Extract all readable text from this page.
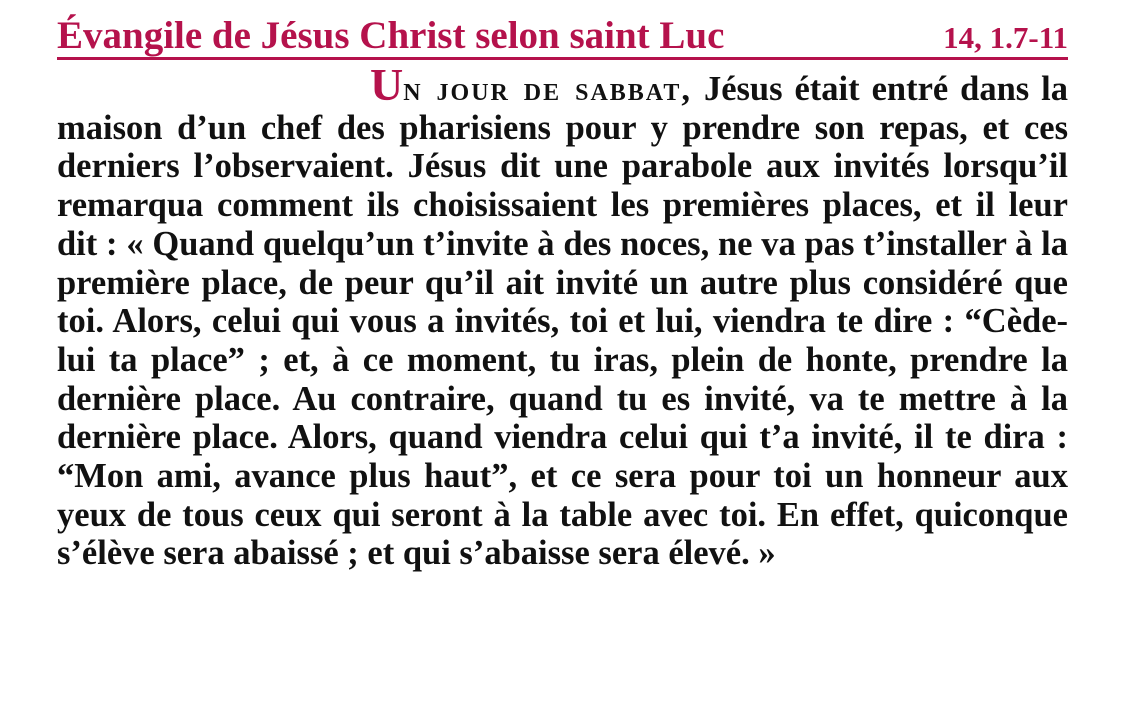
Évangile de Jésus Christ selon saint Luc	14, 1.7-11
Un jour de sabbat, Jésus était entré dans la maison d’un chef des pharisiens pour y prendre son repas, et ces derniers l’observaient. Jésus dit une parabole aux invités lorsqu’il remarqua comment ils choisissaient les premières places, et il leur dit : « Quand quelqu’un t’invite à des noces, ne va pas t’installer à la première place, de peur qu’il ait invité un autre plus considéré que toi. Alors, celui qui vous a invités, toi et lui, viendra te dire : “Cède-lui ta place” ; et, à ce moment, tu iras, plein de honte, prendre la dernière place. Au contraire, quand tu es invité, va te mettre à la dernière place. Alors, quand viendra celui qui t’a invité, il te dira : “Mon ami, avance plus haut”, et ce sera pour toi un honneur aux yeux de tous ceux qui seront à la table avec toi. En effet, quiconque s’élève sera abaissé ; et qui s’abaisse sera élevé. »
